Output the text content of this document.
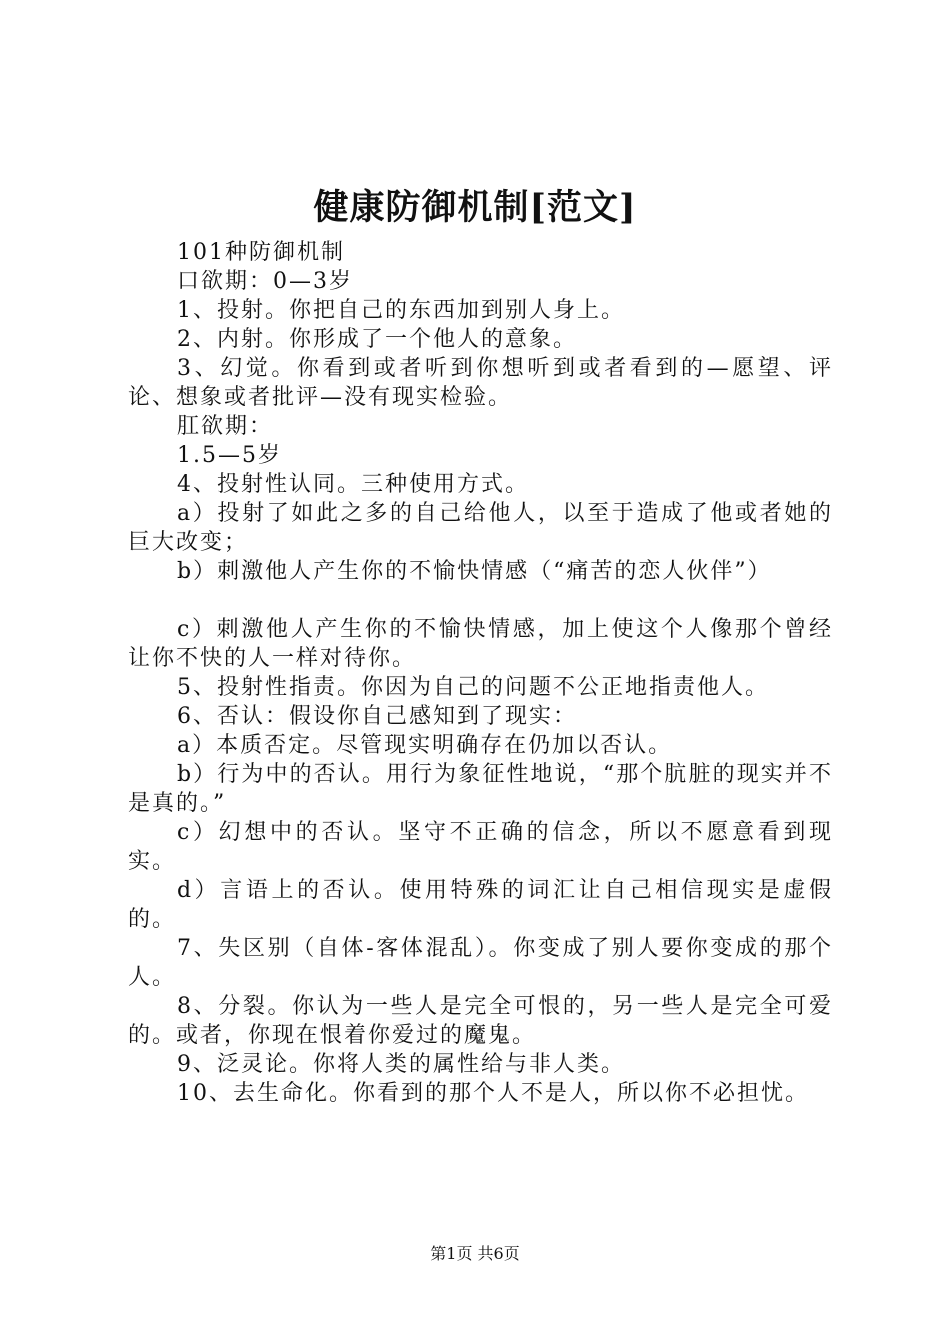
健康防御机制[范文]

101种防御机制

口欲期：0—3岁

1、投射。你把自己的东西加到别人身上。

2、内射。你形成了一个他人的意象。

3、幻觉。你看到或者听到你想听到或者看到的—愿望、评论、想象或者批评—没有现实检验。

肛欲期：

1.5—5岁

4、投射性认同。三种使用方式。

a）投射了如此之多的自己给他人，以至于造成了他或者她的巨大改变；

b）刺激他人产生你的不愉快情感（“痛苦的恋人伙伴”）

c）刺激他人产生你的不愉快情感，加上使这个人像那个曾经让你不快的人一样对待你。

5、投射性指责。你因为自己的问题不公正地指责他人。

6、否认：假设你自己感知到了现实：

a）本质否定。尽管现实明确存在仍加以否认。

b）行为中的否认。用行为象征性地说，“那个肮脏的现实并不是真的。”

c）幻想中的否认。坚守不正确的信念，所以不愿意看到现实。

d）言语上的否认。使用特殊的词汇让自己相信现实是虚假的。

7、失区别（自体-客体混乱）。你变成了别人要你变成的那个人。

8、分裂。你认为一些人是完全可恨的，另一些人是完全可爱的。或者，你现在恨着你爱过的魔鬼。

9、泛灵论。你将人类的属性给与非人类。

10、去生命化。你看到的那个人不是人，所以你不必担忧。

第1页 共6页
